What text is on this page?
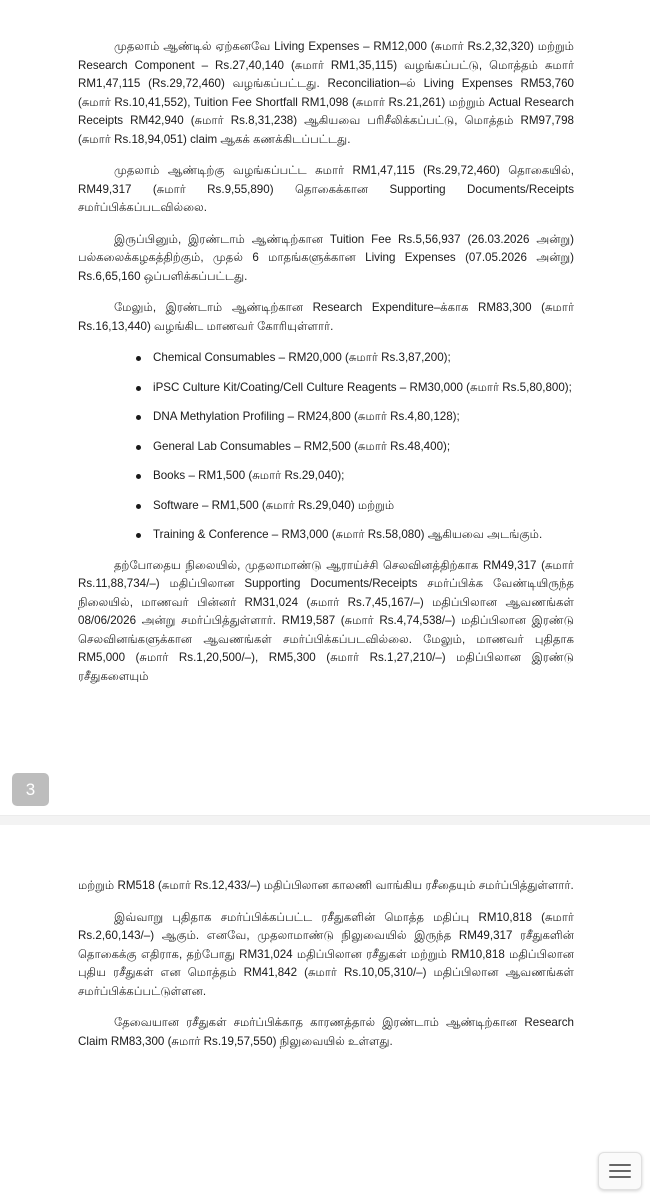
முதலாம் ஆண்டில் ஏற்கனவே Living Expenses – RM12,000 (சுமார் Rs.2,32,320) மற்றும் Research Component – Rs.27,40,140 (சுமார் RM1,35,115) வழங்கப்பட்டு, மொத்தம் சுமார் RM1,47,115 (Rs.29,72,460) வழங்கப்பட்டது. Reconciliation–ல் Living Expenses RM53,760 (சுமார் Rs.10,41,552), Tuition Fee Shortfall RM1,098 (சுமார் Rs.21,261) மற்றும் Actual Research Receipts RM42,940 (சுமார் Rs.8,31,238) ஆகியவை பரிசீலிக்கப்பட்டு, மொத்தம் RM97,798 (சுமார் Rs.18,94,051) claim ஆகக் கணக்கிடப்பட்டது.

முதலாம் ஆண்டிற்கு வழங்கப்பட்ட சுமார் RM1,47,115 (Rs.29,72,460) தொகையில், RM49,317 (சுமார் Rs.9,55,890) தொகைக்கான Supporting Documents/Receipts சமர்ப்பிக்கப்படவில்லை.

இருப்பினும், இரண்டாம் ஆண்டிற்கான Tuition Fee Rs.5,56,937 (26.03.2026 அன்று) பல்கலைக்கழகத்திற்கும், முதல் 6 மாதங்களுக்கான Living Expenses (07.05.2026 அன்று) Rs.6,65,160 ஒப்பளிக்கப்பட்டது.

மேலும், இரண்டாம் ஆண்டிற்கான Research Expenditure–க்காக RM83,300 (சுமார் Rs.16,13,440) வழங்கிட மாணவர் கோரியுள்ளார்.

Chemical Consumables – RM20,000 (சுமார் Rs.3,87,200);
iPSC Culture Kit/Coating/Cell Culture Reagents – RM30,000 (சுமார் Rs.5,80,800);
DNA Methylation Profiling – RM24,800 (சுமார் Rs.4,80,128);
General Lab Consumables – RM2,500 (சுமார் Rs.48,400);
Books – RM1,500 (சுமார் Rs.29,040);
Software – RM1,500 (சுமார் Rs.29,040) மற்றும்
Training & Conference – RM3,000 (சுமார் Rs.58,080) ஆகியவை அடங்கும்.

தற்போதைய நிலையில், முதலாமாண்டு ஆராய்ச்சி செலவினத்திற்காக RM49,317 (சுமார் Rs.11,88,734/–) மதிப்பிலான Supporting Documents/Receipts சமர்ப்பிக்க வேண்டியிருந்த நிலையில், மாணவர் பின்னர் RM31,024 (சுமார் Rs.7,45,167/–) மதிப்பிலான ஆவணங்கள் 08/06/2026 அன்று சமர்ப்பித்துள்ளார். RM19,587 (சுமார் Rs.4,74,538/–) மதிப்பிலான இரண்டு செலவினங்களுக்கான ஆவணங்கள் சமர்ப்பிக்கப்படவில்லை. மேலும், மாணவர் புதிதாக RM5,000 (சுமார் Rs.1,20,500/–), RM5,300 (சுமார் Rs.1,27,210/–) மதிப்பிலான இரண்டு ரசீதுகளையும்

3

மற்றும் RM518 (சுமார் Rs.12,433/–) மதிப்பிலான காலணி வாங்கிய ரசீதையும் சமர்ப்பித்துள்ளார்.

இவ்வாறு புதிதாக சமர்ப்பிக்கப்பட்ட ரசீதுகளின் மொத்த மதிப்பு RM10,818 (சுமார் Rs.2,60,143/–) ஆகும். எனவே, முதலாமாண்டு நிலுவையில் இருந்த RM49,317 ரசீதுகளின் தொகைக்கு எதிராக, தற்போது RM31,024 மதிப்பிலான ரசீதுகள் மற்றும் RM10,818 மதிப்பிலான புதிய ரசீதுகள் என மொத்தம் RM41,842 (சுமார் Rs.10,05,310/–) மதிப்பிலான ஆவணங்கள் சமர்ப்பிக்கப்பட்டுள்ளன.

தேவையான ரசீதுகள் சமர்ப்பிக்காத காரணத்தால் இரண்டாம் ஆண்டிற்கான Research Claim RM83,300 (சுமார் Rs.19,57,550) நிலுவையில் உள்ளது.
